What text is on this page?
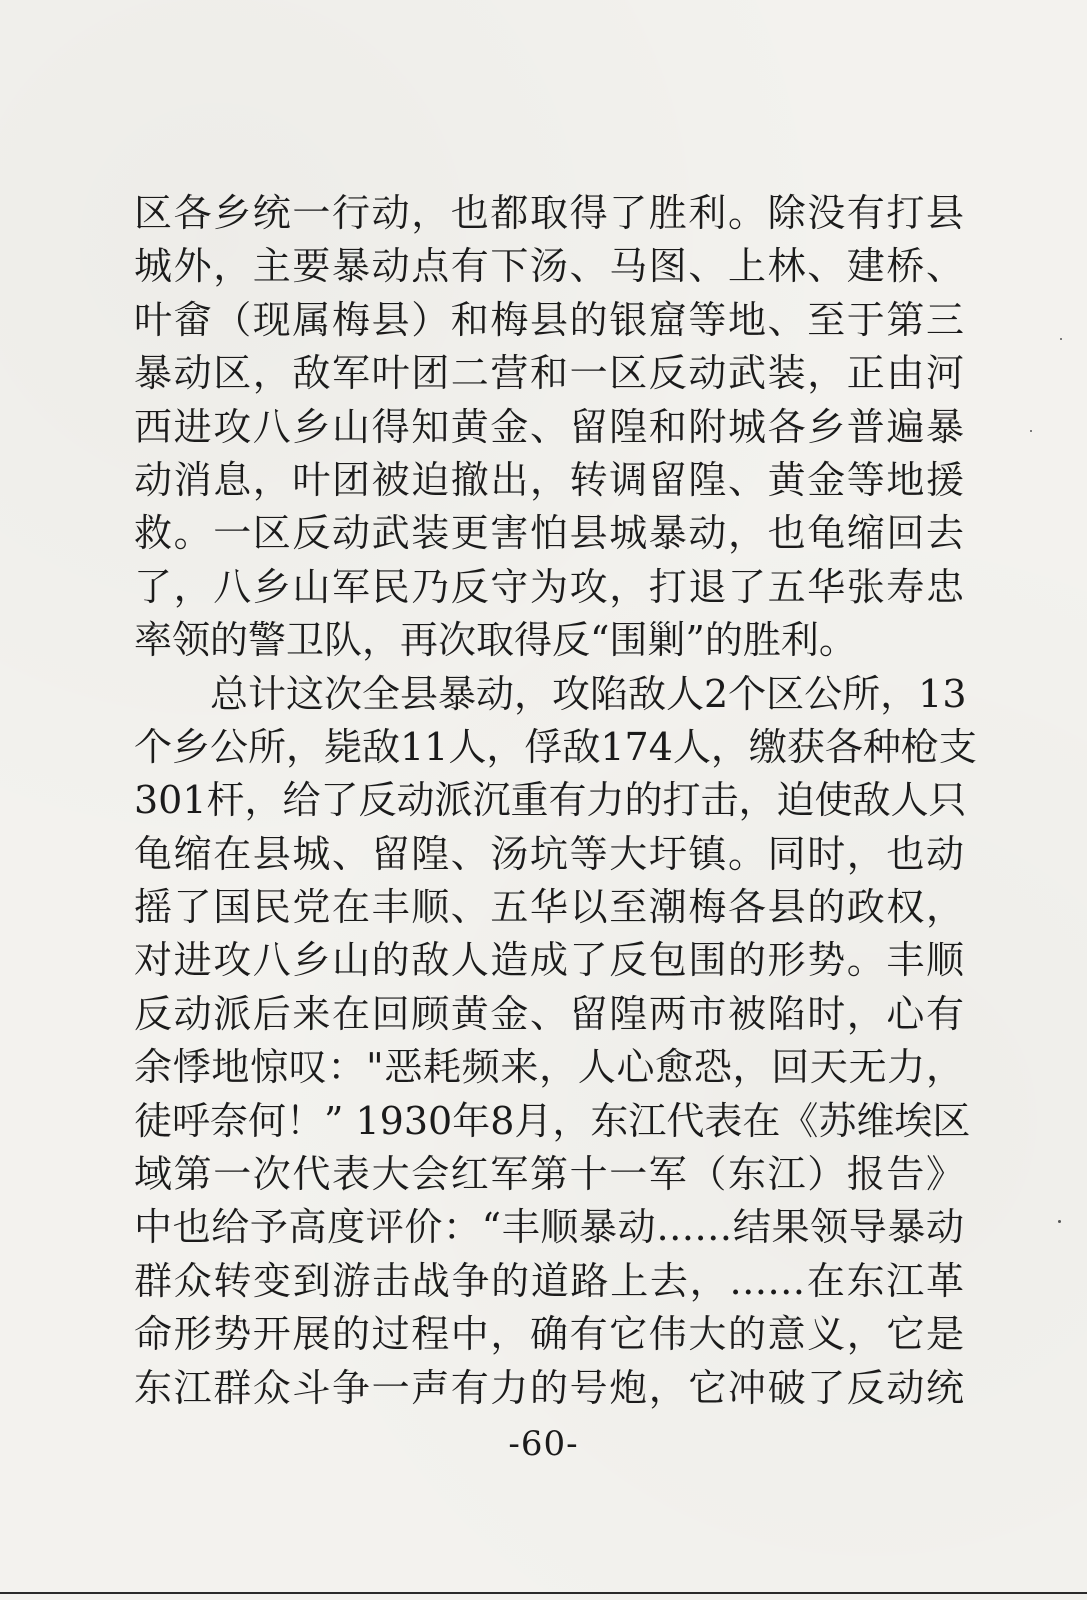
区各乡统一行动，也都取得了胜利。除没有打县
城外，主要暴动点有下汤、马图、上林、建桥、
叶畲（现属梅县）和梅县的银窟等地、至于第三
暴动区，敌军叶团二营和一区反动武装，正由河
西进攻八乡山得知黄金、留隍和附城各乡普遍暴
动消息，叶团被迫撤出，转调留隍、黄金等地援
救。一区反动武装更害怕县城暴动，也龟缩回去
了，八乡山军民乃反守为攻，打退了五华张寿忠
率领的警卫队，再次取得反“围剿”的胜利。
总计这次全县暴动，攻陷敌人2个区公所，13
个乡公所，毙敌11人，俘敌174人，缴获各种枪支
301杆，给了反动派沉重有力的打击，迫使敌人只
龟缩在县城、留隍、汤坑等大圩镇。同时，也动
摇了国民党在丰顺、五华以至潮梅各县的政权，
对进攻八乡山的敌人造成了反包围的形势。丰顺
反动派后来在回顾黄金、留隍两市被陷时，心有
余悸地惊叹："恶耗频来，人心愈恐，回天无力，
徒呼奈何！” 1930年8月，东江代表在《苏维埃区
域第一次代表大会红军第十一军（东江）报告》
中也给予高度评价：“丰顺暴动……结果领导暴动
群众转变到游击战争的道路上去，……在东江革
命形势开展的过程中，确有它伟大的意义，它是
东江群众斗争一声有力的号炮，它冲破了反动统
-60-
